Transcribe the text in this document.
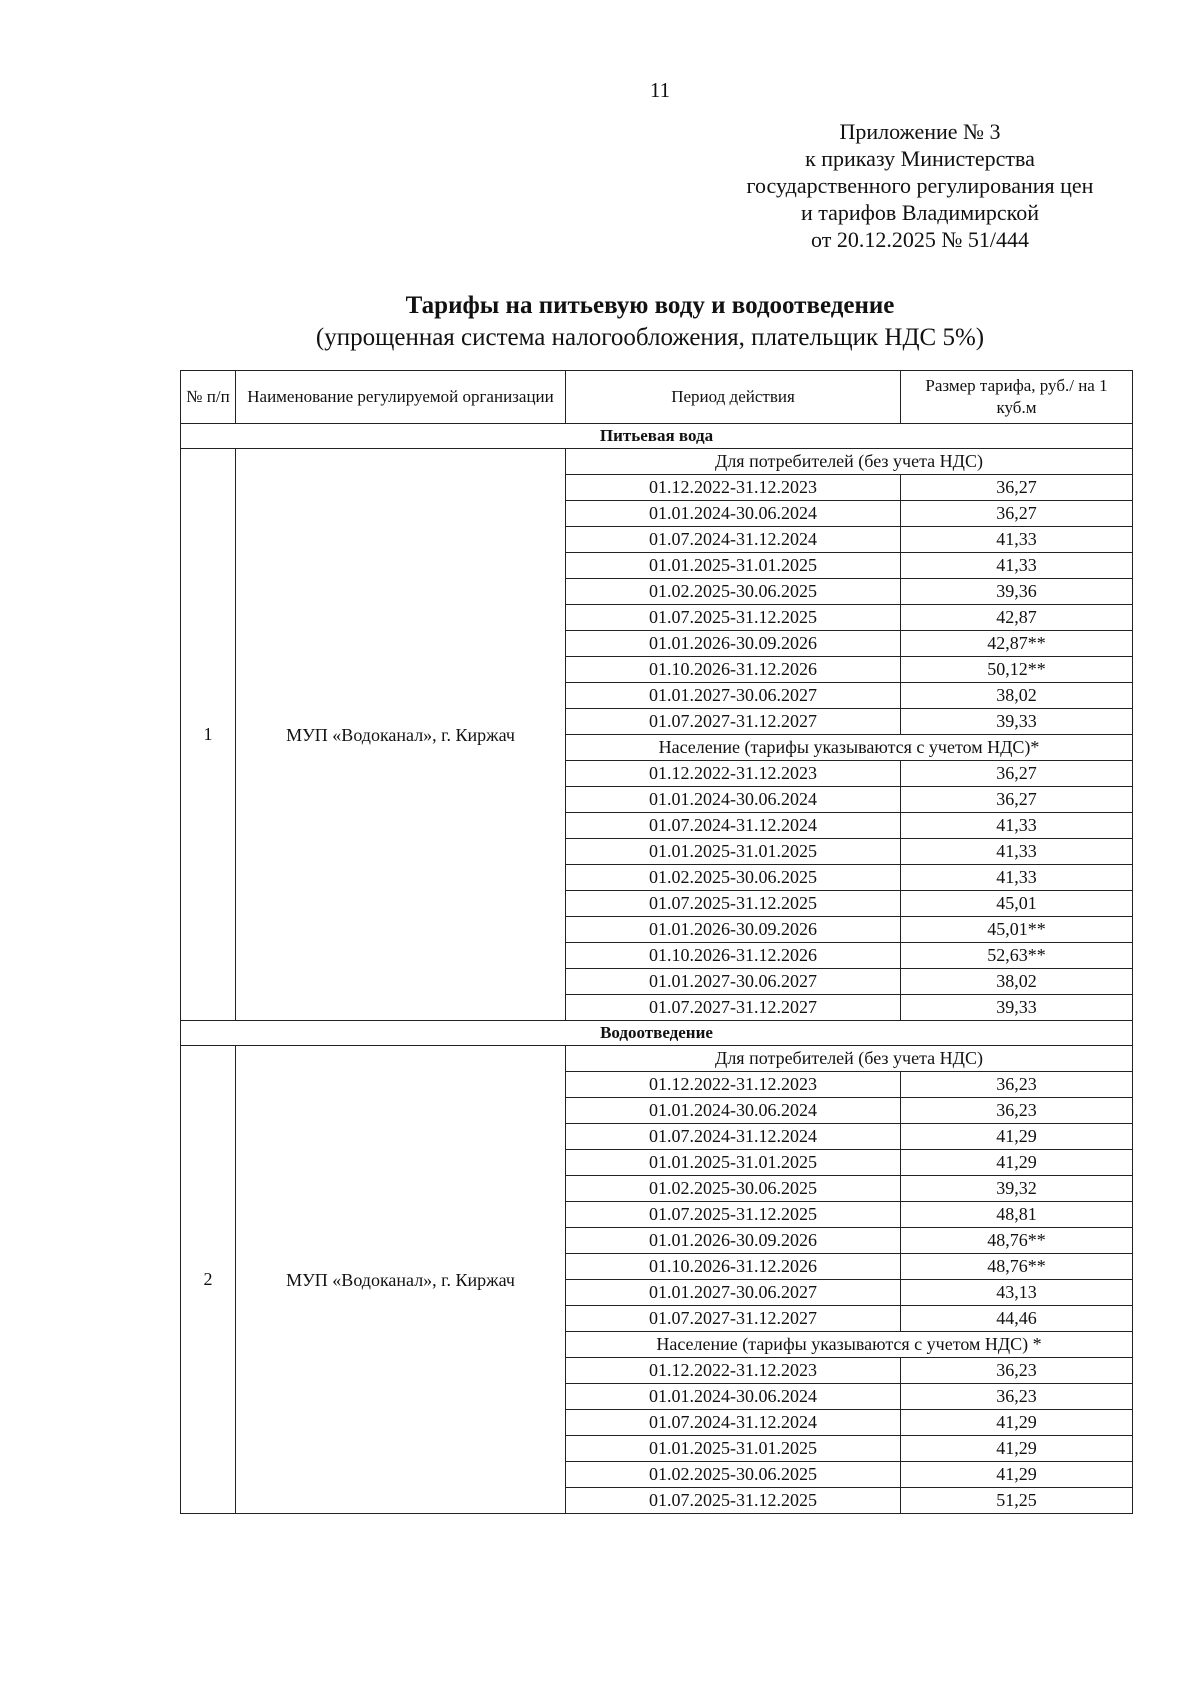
11
Приложение № 3
к приказу Министерства
государственного регулирования цен
и тарифов Владимирской
от 20.12.2025 № 51/444
Тарифы на питьевую воду и водоотведение
(упрощенная система налогообложения, плательщик НДС 5%)
№ п/п	Наименование регулируемой организации	Период действия	Размер тарифа, руб./ на 1 куб.м
Питьевая вода			
1	МУП «Водоканал», г. Киржач	Для потребителей (без учета НДС)	
		01.12.2022-31.12.2023	36,27
		01.01.2024-30.06.2024	36,27
		01.07.2024-31.12.2024	41,33
		01.01.2025-31.01.2025	41,33
		01.02.2025-30.06.2025	39,36
		01.07.2025-31.12.2025	42,87
		01.01.2026-30.09.2026	42,87**
		01.10.2026-31.12.2026	50,12**
		01.01.2027-30.06.2027	38,02
		01.07.2027-31.12.2027	39,33
		Население (тарифы указываются с учетом НДС)*	
		01.12.2022-31.12.2023	36,27
		01.01.2024-30.06.2024	36,27
		01.07.2024-31.12.2024	41,33
		01.01.2025-31.01.2025	41,33
		01.02.2025-30.06.2025	41,33
		01.07.2025-31.12.2025	45,01
		01.01.2026-30.09.2026	45,01**
		01.10.2026-31.12.2026	52,63**
		01.01.2027-30.06.2027	38,02
		01.07.2027-31.12.2027	39,33
Водоотведение			
2	МУП «Водоканал», г. Киржач	Для потребителей (без учета НДС)	
		01.12.2022-31.12.2023	36,23
		01.01.2024-30.06.2024	36,23
		01.07.2024-31.12.2024	41,29
		01.01.2025-31.01.2025	41,29
		01.02.2025-30.06.2025	39,32
		01.07.2025-31.12.2025	48,81
		01.01.2026-30.09.2026	48,76**
		01.10.2026-31.12.2026	48,76**
		01.01.2027-30.06.2027	43,13
		01.07.2027-31.12.2027	44,46
		Население (тарифы указываются с учетом НДС) *	
		01.12.2022-31.12.2023	36,23
		01.01.2024-30.06.2024	36,23
		01.07.2024-31.12.2024	41,29
		01.01.2025-31.01.2025	41,29
		01.02.2025-30.06.2025	41,29
		01.07.2025-31.12.2025	51,25
